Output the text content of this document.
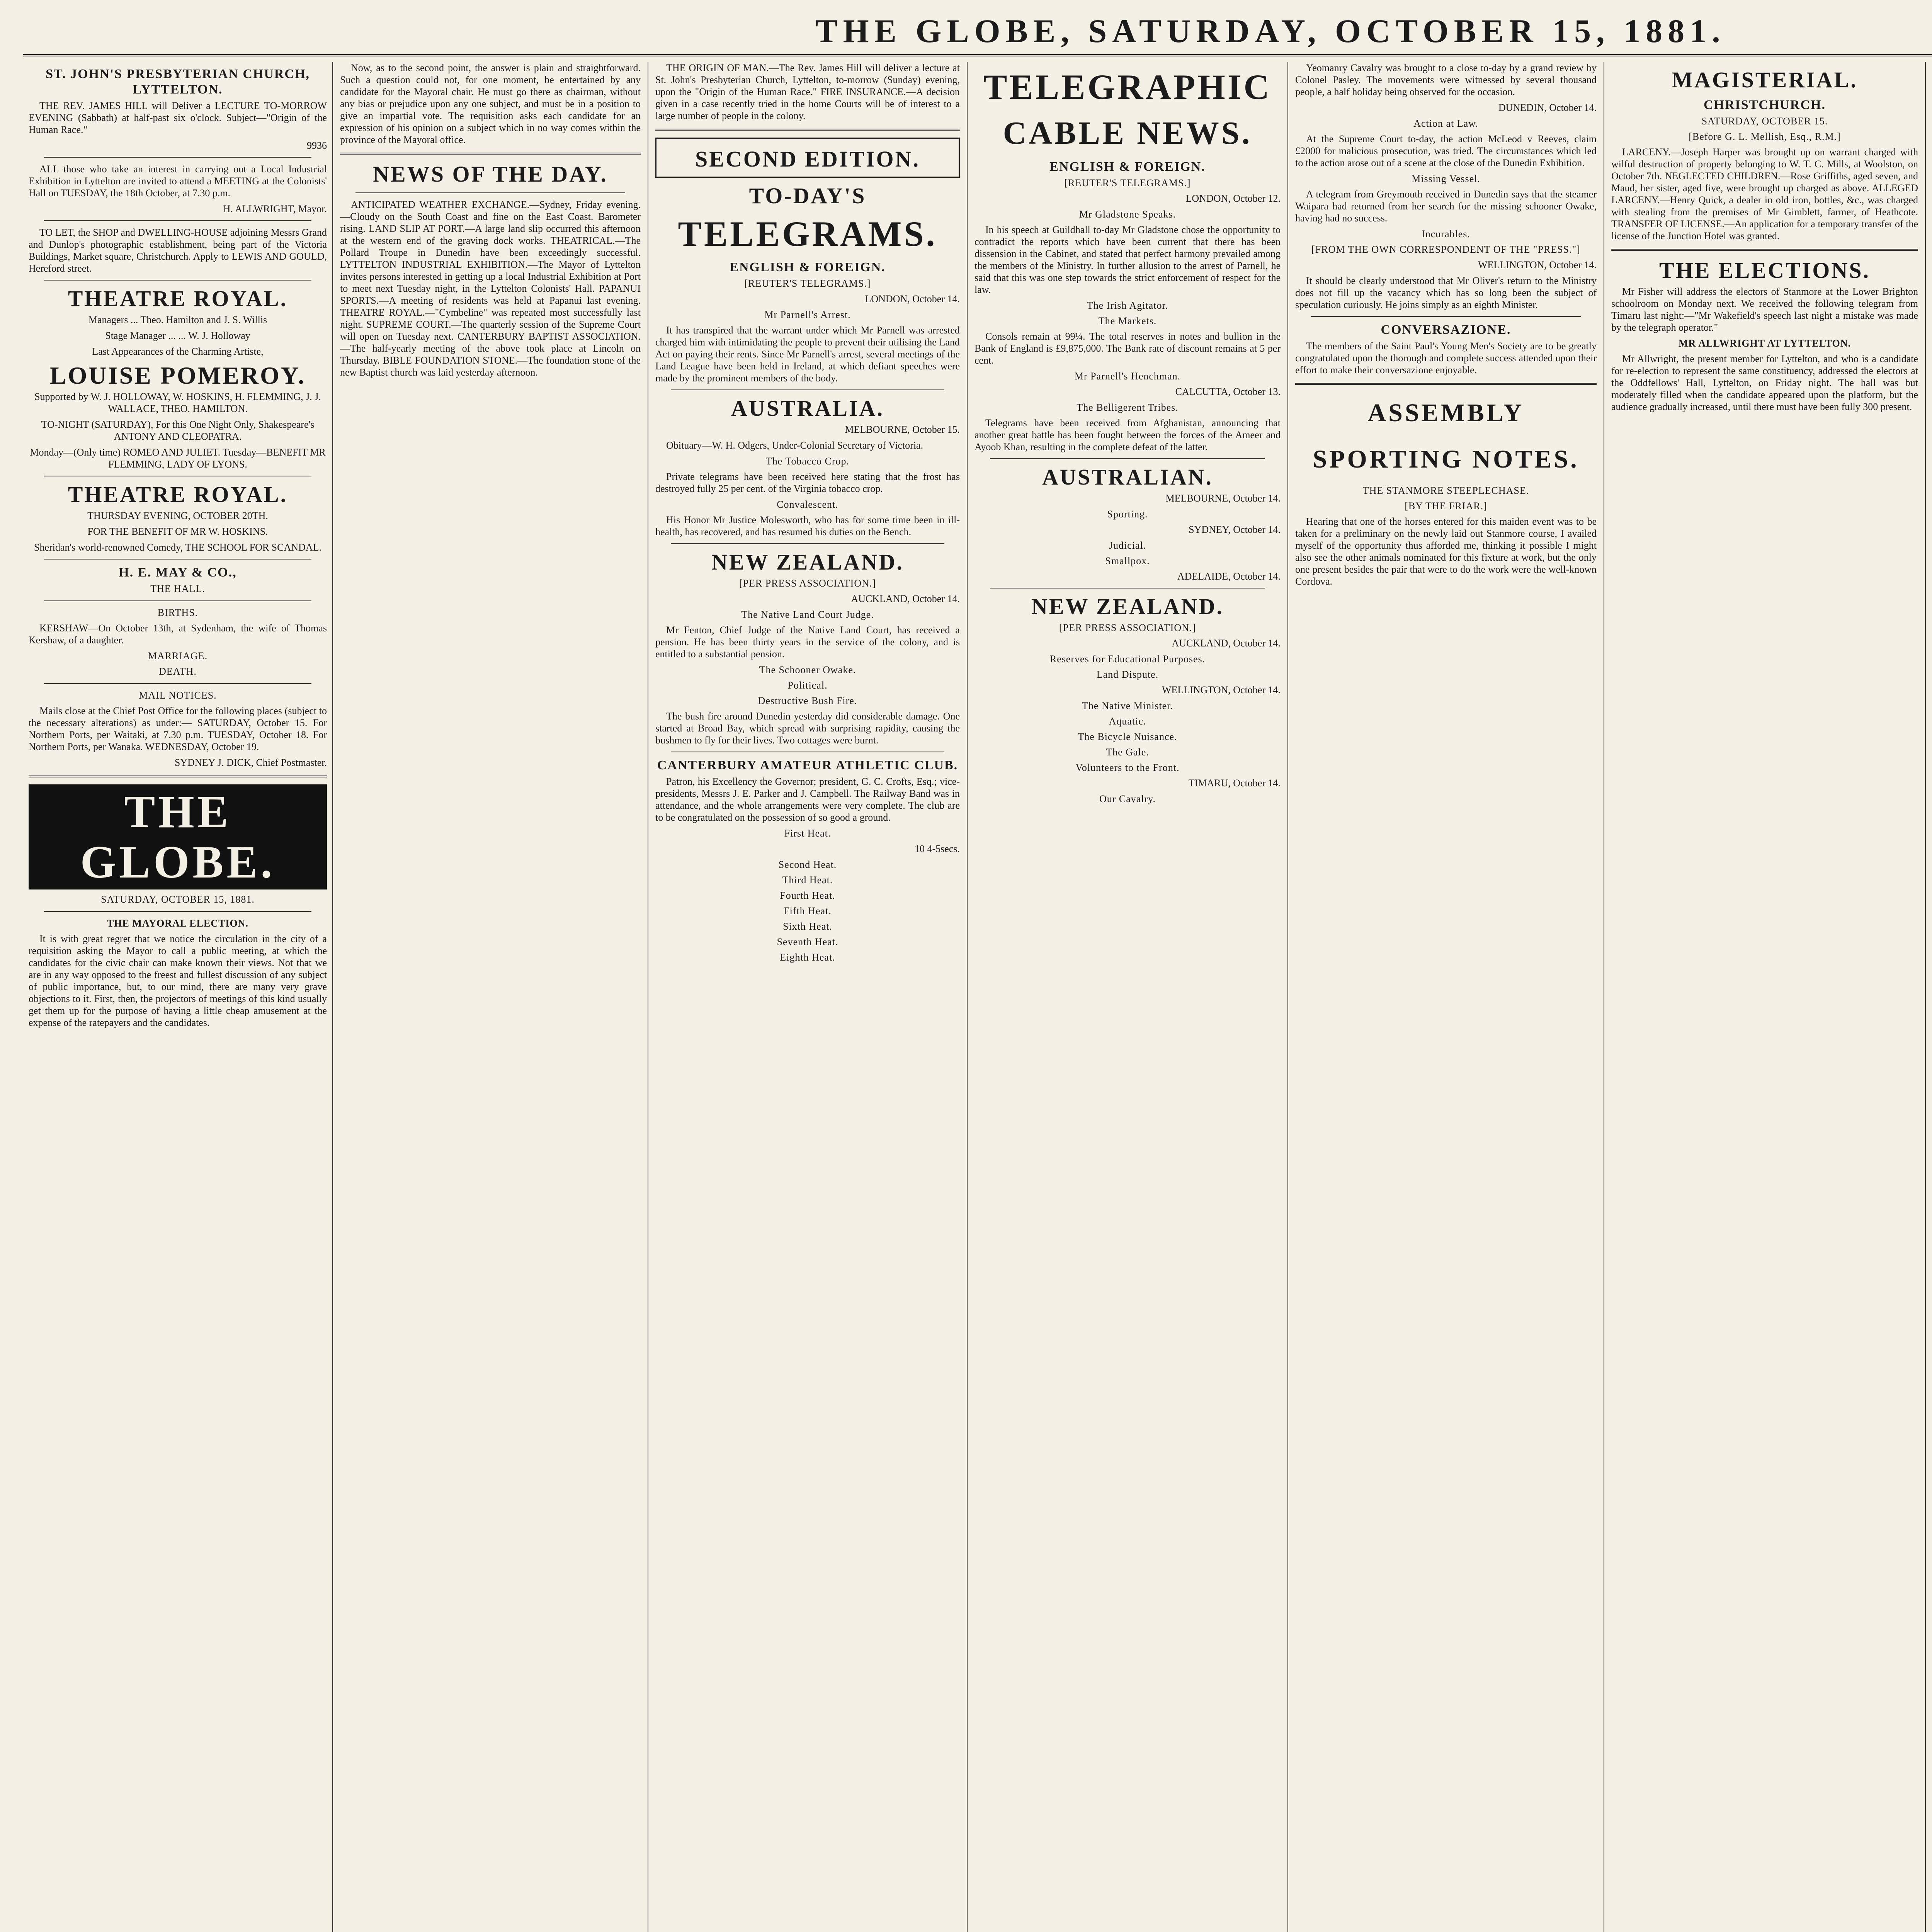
THE GLOBE, SATURDAY, OCTOBER 15, 1881.
ST. JOHN'S PRESBYTERIAN CHURCH, LYTTELTON.

THE REV. JAMES HILL will Deliver a LECTURE TO-MORROW EVENING (Sabbath) at half-past six o'clock. Subject—"Origin of the Human Race."

9936

ALL those who take an interest in carrying out a Local Industrial Exhibition in Lyttelton are invited to attend a MEETING at the Colonists' Hall on TUESDAY, the 18th October, at 7.30 p.m.

H. ALLWRIGHT, Mayor.

TO LET, the SHOP and DWELLING-HOUSE adjoining Messrs Grand and Dunlop's photographic establishment, being part of the Victoria Buildings, Market square, Christchurch. Apply to LEWIS AND GOULD, Hereford street.

THEATRE ROYAL.

Managers ... Theo. Hamilton and J. S. Willis

Stage Manager ... ... W. J. Holloway

Last Appearances of the Charming Artiste,

LOUISE POMEROY.

Supported by W. J. HOLLOWAY, W. HOSKINS, H. FLEMMING, J. J. WALLACE, THEO. HAMILTON.

TO-NIGHT (SATURDAY), For this One Night Only, Shakespeare's ANTONY AND CLEOPATRA.

Monday—(Only time) ROMEO AND JULIET. Tuesday—BENEFIT MR FLEMMING, LADY OF LYONS.

THEATRE ROYAL.

THURSDAY EVENING, OCTOBER 20TH.

FOR THE BENEFIT OF MR W. HOSKINS.

Sheridan's world-renowned Comedy, THE SCHOOL FOR SCANDAL.

H. E. MAY & CO.,
THE HALL.
BIRTHS.

KERSHAW—On October 13th, at Sydenham, the wife of Thomas Kershaw, of a daughter.

MARRIAGE.
DEATH.
MAIL NOTICES.

Mails close at the Chief Post Office for the following places (subject to the necessary alterations) as under:— SATURDAY, October 15. For Northern Ports, per Waitaki, at 7.30 p.m. TUESDAY, October 18. For Northern Ports, per Wanaka. WEDNESDAY, October 19.

SYDNEY J. DICK, Chief Postmaster.

THE GLOBE.
SATURDAY, OCTOBER 15, 1881.
THE MAYORAL ELECTION.

It is with great regret that we notice the circulation in the city of a requisition asking the Mayor to call a public meeting, at which the candidates for the civic chair can make known their views. Not that we are in any way opposed to the freest and fullest discussion of any subject of public importance, but, to our mind, there are many very grave objections to it. First, then, the projectors of meetings of this kind usually get them up for the purpose of having a little cheap amusement at the expense of the ratepayers and the candidates.

Now, as to the second point, the answer is plain and straightforward. Such a question could not, for one moment, be entertained by any candidate for the Mayoral chair. He must go there as chairman, without any bias or prejudice upon any one subject, and must be in a position to give an impartial vote. The requisition asks each candidate for an expression of his opinion on a subject which in no way comes within the province of the Mayoral office.

NEWS OF THE DAY.

ANTICIPATED WEATHER EXCHANGE.—Sydney, Friday evening.—Cloudy on the South Coast and fine on the East Coast. Barometer rising. LAND SLIP AT PORT.—A large land slip occurred this afternoon at the western end of the graving dock works. THEATRICAL.—The Pollard Troupe in Dunedin have been exceedingly successful. LYTTELTON INDUSTRIAL EXHIBITION.—The Mayor of Lyttelton invites persons interested in getting up a local Industrial Exhibition at Port to meet next Tuesday night, in the Lyttelton Colonists' Hall. PAPANUI SPORTS.—A meeting of residents was held at Papanui last evening. THEATRE ROYAL.—"Cymbeline" was repeated most successfully last night. SUPREME COURT.—The quarterly session of the Supreme Court will open on Tuesday next. CANTERBURY BAPTIST ASSOCIATION.—The half-yearly meeting of the above took place at Lincoln on Thursday. BIBLE FOUNDATION STONE.—The foundation stone of the new Baptist church was laid yesterday afternoon.

THE ORIGIN OF MAN.—The Rev. James Hill will deliver a lecture at St. John's Presbyterian Church, Lyttelton, to-morrow (Sunday) evening, upon the "Origin of the Human Race." FIRE INSURANCE.—A decision given in a case recently tried in the home Courts will be of interest to a large number of people in the colony.

SECOND EDITION.
TO-DAY'S
TELEGRAMS.
ENGLISH & FOREIGN.
[REUTER'S TELEGRAMS.]

LONDON, October 14.

Mr Parnell's Arrest.

It has transpired that the warrant under which Mr Parnell was arrested charged him with intimidating the people to prevent their utilising the Land Act on paying their rents. Since Mr Parnell's arrest, several meetings of the Land League have been held in Ireland, at which defiant speeches were made by the prominent members of the body.

AUSTRALIA.

MELBOURNE, October 15.

Obituary—W. H. Odgers, Under-Colonial Secretary of Victoria.

The Tobacco Crop.

Private telegrams have been received here stating that the frost has destroyed fully 25 per cent. of the Virginia tobacco crop.

Convalescent.

His Honor Mr Justice Molesworth, who has for some time been in ill-health, has recovered, and has resumed his duties on the Bench.

NEW ZEALAND.
[PER PRESS ASSOCIATION.]

AUCKLAND, October 14.

The Native Land Court Judge.

Mr Fenton, Chief Judge of the Native Land Court, has received a pension. He has been thirty years in the service of the colony, and is entitled to a substantial pension.

The Schooner Owake.
Political.
Destructive Bush Fire.

The bush fire around Dunedin yesterday did considerable damage. One started at Broad Bay, which spread with surprising rapidity, causing the bushmen to fly for their lives. Two cottages were burnt.

CANTERBURY AMATEUR ATHLETIC CLUB.

Patron, his Excellency the Governor; president, G. C. Crofts, Esq.; vice-presidents, Messrs J. E. Parker and J. Campbell. The Railway Band was in attendance, and the whole arrangements were very complete. The club are to be congratulated on the possession of so good a ground.

First Heat.

10 4-5secs.

Second Heat.
Third Heat.
Fourth Heat.
Fifth Heat.
Sixth Heat.
Seventh Heat.
Eighth Heat.
TELEGRAPHIC
CABLE NEWS.
ENGLISH & FOREIGN.
[REUTER'S TELEGRAMS.]

LONDON, October 12.

Mr Gladstone Speaks.

In his speech at Guildhall to-day Mr Gladstone chose the opportunity to contradict the reports which have been current that there has been dissension in the Cabinet, and stated that perfect harmony prevailed among the members of the Ministry. In further allusion to the arrest of Parnell, he said that this was one step towards the strict enforcement of respect for the law.

The Irish Agitator.
The Markets.

Consols remain at 99¼. The total reserves in notes and bullion in the Bank of England is £9,875,000. The Bank rate of discount remains at 5 per cent.

Mr Parnell's Henchman.

CALCUTTA, October 13.

The Belligerent Tribes.

Telegrams have been received from Afghanistan, announcing that another great battle has been fought between the forces of the Ameer and Ayoob Khan, resulting in the complete defeat of the latter.

AUSTRALIAN.

MELBOURNE, October 14.

Sporting.

SYDNEY, October 14.

Judicial.
Smallpox.

ADELAIDE, October 14.

NEW ZEALAND.
[PER PRESS ASSOCIATION.]

AUCKLAND, October 14.

Reserves for Educational Purposes.
Land Dispute.

WELLINGTON, October 14.

The Native Minister.
Aquatic.
The Bicycle Nuisance.
The Gale.
Volunteers to the Front.

TIMARU, October 14.

Our Cavalry.

Yeomanry Cavalry was brought to a close to-day by a grand review by Colonel Pasley. The movements were witnessed by several thousand people, a half holiday being observed for the occasion.

DUNEDIN, October 14.

Action at Law.

At the Supreme Court to-day, the action McLeod v Reeves, claim £2000 for malicious prosecution, was tried. The circumstances which led to the action arose out of a scene at the close of the Dunedin Exhibition.

Missing Vessel.

A telegram from Greymouth received in Dunedin says that the steamer Waipara had returned from her search for the missing schooner Owake, having had no success.

Incurables.
[FROM THE OWN CORRESPONDENT OF THE "PRESS."]

WELLINGTON, October 14.

It should be clearly understood that Mr Oliver's return to the Ministry does not fill up the vacancy which has so long been the subject of speculation curiously. He joins simply as an eighth Minister.

CONVERSAZIONE.

The members of the Saint Paul's Young Men's Society are to be greatly congratulated upon the thorough and complete success attended upon their effort to make their conversazione enjoyable.

ASSEMBLY
SPORTING NOTES.
THE STANMORE STEEPLECHASE.
[BY THE FRIAR.]

Hearing that one of the horses entered for this maiden event was to be taken for a preliminary on the newly laid out Stanmore course, I availed myself of the opportunity thus afforded me, thinking it possible I might also see the other animals nominated for this fixture at work, but the only one present besides the pair that were to do the work were the well-known Cordova.

MAGISTERIAL.
CHRISTCHURCH.
SATURDAY, OCTOBER 15.
[Before G. L. Mellish, Esq., R.M.]

LARCENY.—Joseph Harper was brought up on warrant charged with wilful destruction of property belonging to W. T. C. Mills, at Woolston, on October 7th. NEGLECTED CHILDREN.—Rose Griffiths, aged seven, and Maud, her sister, aged five, were brought up charged as above. ALLEGED LARCENY.—Henry Quick, a dealer in old iron, bottles, &c., was charged with stealing from the premises of Mr Gimblett, farmer, of Heathcote. TRANSFER OF LICENSE.—An application for a temporary transfer of the license of the Junction Hotel was granted.

THE ELECTIONS.

Mr Fisher will address the electors of Stanmore at the Lower Brighton schoolroom on Monday next. We received the following telegram from Timaru last night:—"Mr Wakefield's speech last night a mistake was made by the telegraph operator."

MR ALLWRIGHT AT LYTTELTON.

Mr Allwright, the present member for Lyttelton, and who is a candidate for re-election to represent the same constituency, addressed the electors at the Oddfellows' Hall, Lyttelton, on Friday night. The hall was but moderately filled when the candidate appeared upon the platform, but the audience gradually increased, until there must have been fully 300 present.
